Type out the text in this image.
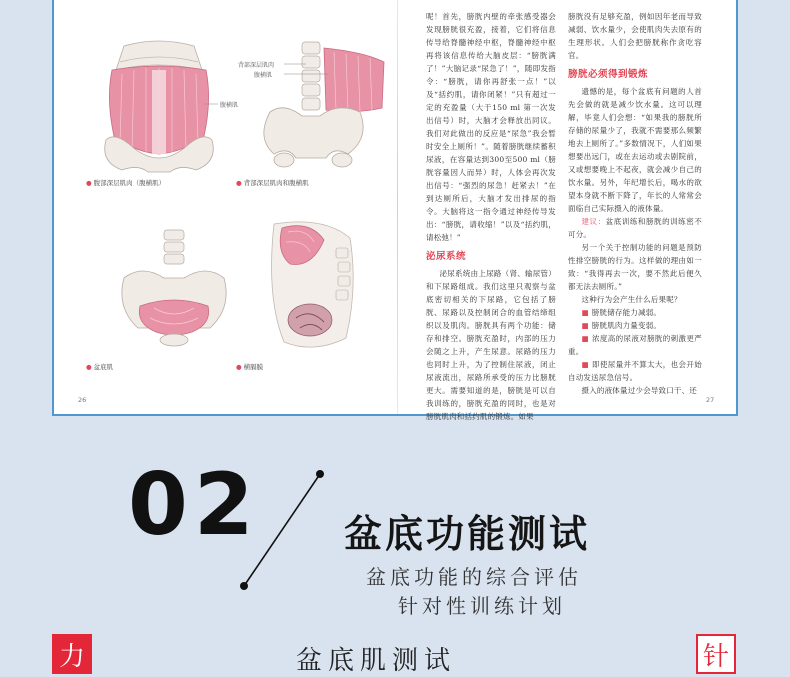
腹横肌
● 腹部深层肌肉（腹横肌）
背部深层肌肉
腹横肌
● 背部深层肌肉和腹横肌
● 盆底肌	● 横膈膜

呢！首先，膀胱内壁的牵张感受器会发现膀胱很充盈，接着，它们将信息传导给脊髓神经中枢，脊髓神经中枢再将该信息传给大脑皮层：“膀胱满了！”大脑记录“尿急了！”，随即发指令：“膀胱，请你再舒张一点！”以及“括约肌，请你闭紧！”只有超过一定的充盈量（大于150 ml 第一次发出信号）时，大脑才会释放出同议。我们对此做出的反应是“尿急”我会暂时安全上厕所！”。随着膀胱继续蓄积尿液，在容量达到300至500 ml（膀胱容量因人而异）时，人体会再次发出信号：“强烈的尿急！赶紧去！”在到达厕所后，大脑才发出排尿的指令。大脑将这一指令通过神经传导发出：“膀胱，请收缩！”以及“括约肌，请松弛！”

泌尿系统

泌尿系统由上尿路（肾、输尿管）和下尿路组成。我们这里只观察与盆底密切相关的下尿路，它包括了膀胱、尿路以及控制闭合的血管结缔组织以及肌肉。膀胱具有两个功能：储存和排空。膀胱充盈时，内部的压力会随之上升，产生尿意。尿路的压力也同时上升，为了控制住尿液，闭止尿液流出，尿路所承受的压力比膀胱更大。需要知道的是，膀胱是可以自我训练的，膀胱充盈的同时，也是对膀胱肌肉和括约肌的锻炼。如果

膀胱没有足够充盈，例如因年老而导致减弱、饮水量少，会使肌肉失去原有的生理形状。人们会把膀胱称作贪吃容官。

膀胱必须得到锻炼

遗憾的是，每个盆底有问题的人首先会做的就是减少饮水量。这可以理解，毕竟人们会想：“如果我的膀胱所存储的尿量少了，我就不需要那么频繁地去上厕所了。”多数情况下，人们如果想要出远门，或在去运动或去剧院前，又或想要晚上不起夜，就会减少自己的饮水量。另外，年纪增长后，喝水的欲望本身就不断下降了，年长的人常常会面临自己实际摄入的液体量。

建议：盆底训练和膀胱的训练密不可分。

另一个关于控制功能的问题是预防性排空膀胱的行为。这样做的理由如一致：“我得再去一次，要不然此后便久都无法去厕所。”

这种行为会产生什么后果呢？

■ 膀胱储存能力减弱。

■ 膀胱肌肉力量变弱。

■ 浓度高的尿液对膀胱的刺激更严重。

■ 即使尿量并不算太大，也会开始自动发送尿急信号。

摄入的液体量过少会导致口干、还

26	27
02 盆底功能测试
盆底功能的综合评估
针对性训练计划
力	盆底肌测试	针
